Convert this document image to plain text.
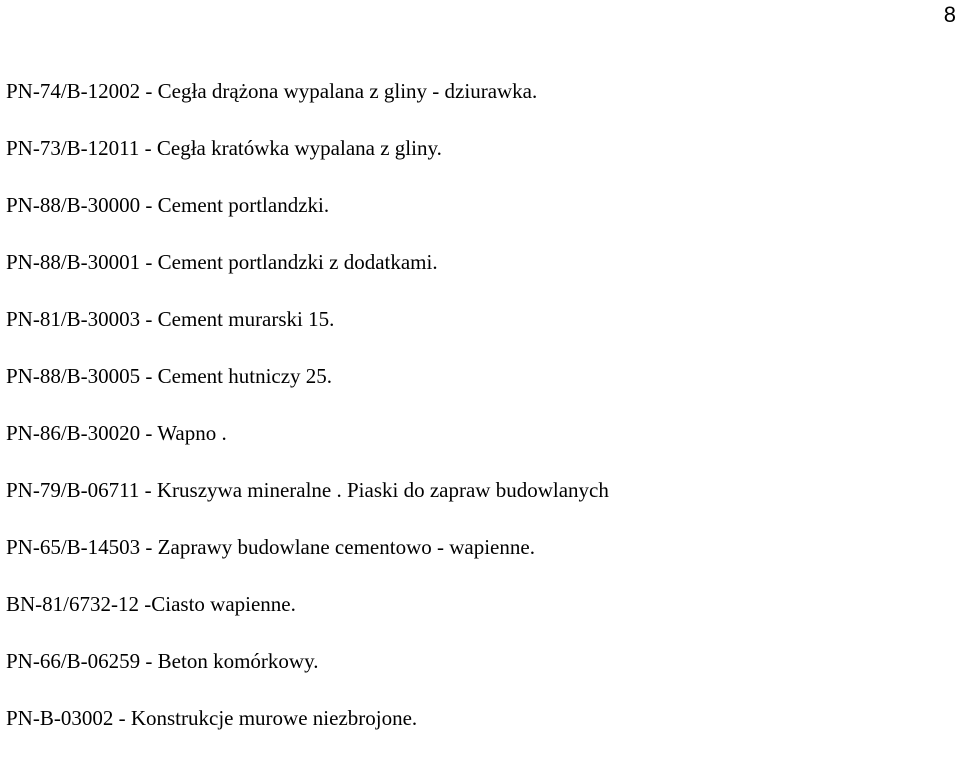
8
PN-74/B-12002 - Cegła drążona wypalana z gliny - dziurawka.
PN-73/B-12011 - Cegła kratówka wypalana z gliny.
PN-88/B-30000 - Cement portlandzki.
PN-88/B-30001 - Cement portlandzki z dodatkami.
PN-81/B-30003 - Cement murarski 15.
PN-88/B-30005 - Cement hutniczy 25.
PN-86/B-30020 - Wapno .
PN-79/B-06711 - Kruszywa mineralne . Piaski do zapraw budowlanych
PN-65/B-14503 - Zaprawy budowlane cementowo - wapienne.
BN-81/6732-12 -Ciasto wapienne.
PN-66/B-06259 - Beton komórkowy.
PN-B-03002 - Konstrukcje murowe niezbrojone.
